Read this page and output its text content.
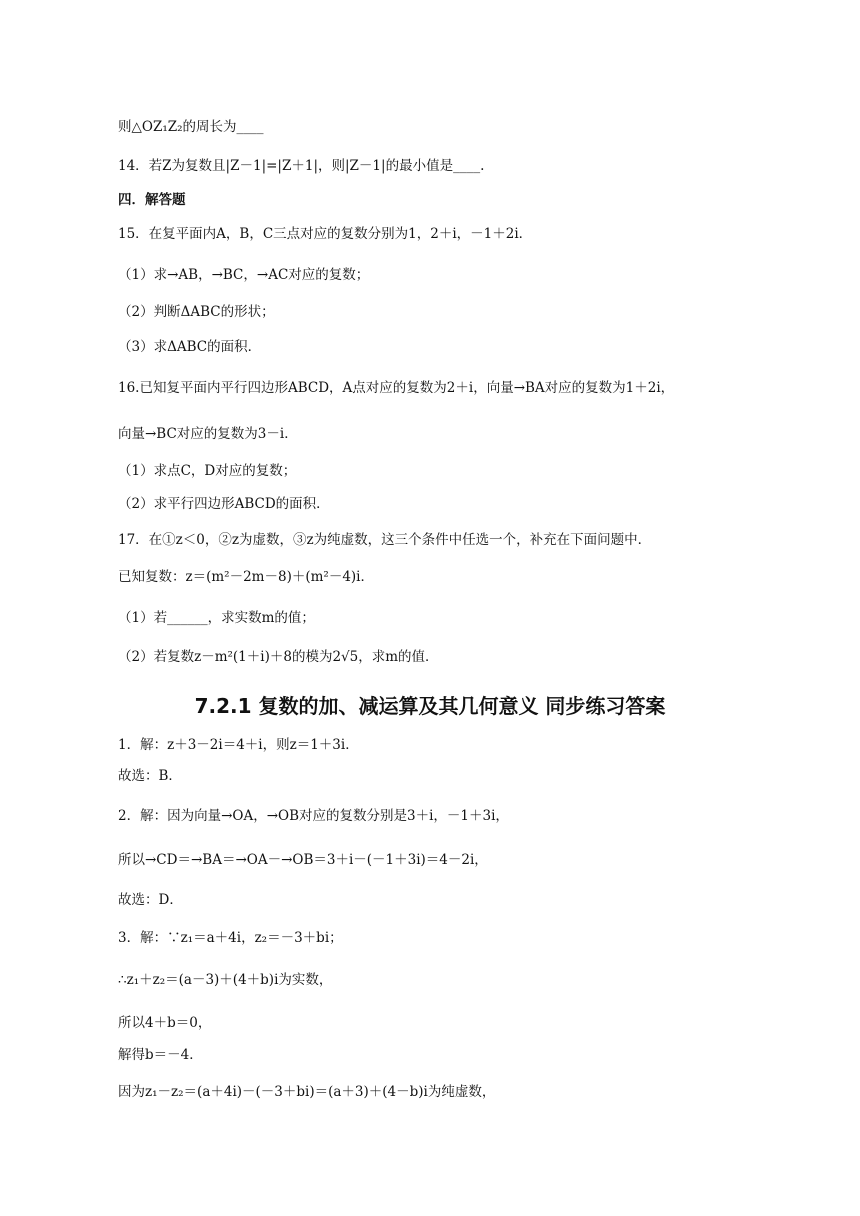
则△OZ₁Z₂的周长为____
14．若Z为复数且|Z－1|=|Z＋1|，则|Z－1|的最小值是____.
四．解答题
15．在复平面内A，B，C三点对应的复数分别为1，2＋i，－1＋2i．
（1）求→AB，→BC，→AC对应的复数；
（2）判断ΔABC的形状；
（3）求ΔABC的面积．
16.已知复平面内平行四边形ABCD，A点对应的复数为2＋i，向量→BA对应的复数为1＋2i，
向量→BC对应的复数为3－i．
（1）求点C，D对应的复数；
（2）求平行四边形ABCD的面积．
17．在①z＜0，②z为虚数，③z为纯虚数，这三个条件中任选一个，补充在下面问题中．
已知复数：z＝(m²－2m－8)＋(m²－4)i．
（1）若______，求实数m的值；
（2）若复数z－m²(1＋i)＋8的模为2√5，求m的值．
7.2.1 复数的加、减运算及其几何意义 同步练习答案
1．解：z＋3－2i＝4＋i，则z＝1＋3i．
故选：B．
2．解：因为向量→OA，→OB对应的复数分别是3＋i，－1＋3i，
所以→CD＝→BA＝→OA－→OB＝3＋i－(－1＋3i)＝4－2i，
故选：D．
3．解：∵z₁＝a＋4i，z₂＝－3＋bi；
∴z₁＋z₂＝(a－3)＋(4＋b)i为实数，
所以4＋b＝0，
解得b＝－4．
因为z₁－z₂＝(a＋4i)－(－3＋bi)＝(a＋3)＋(4－b)i为纯虚数，
